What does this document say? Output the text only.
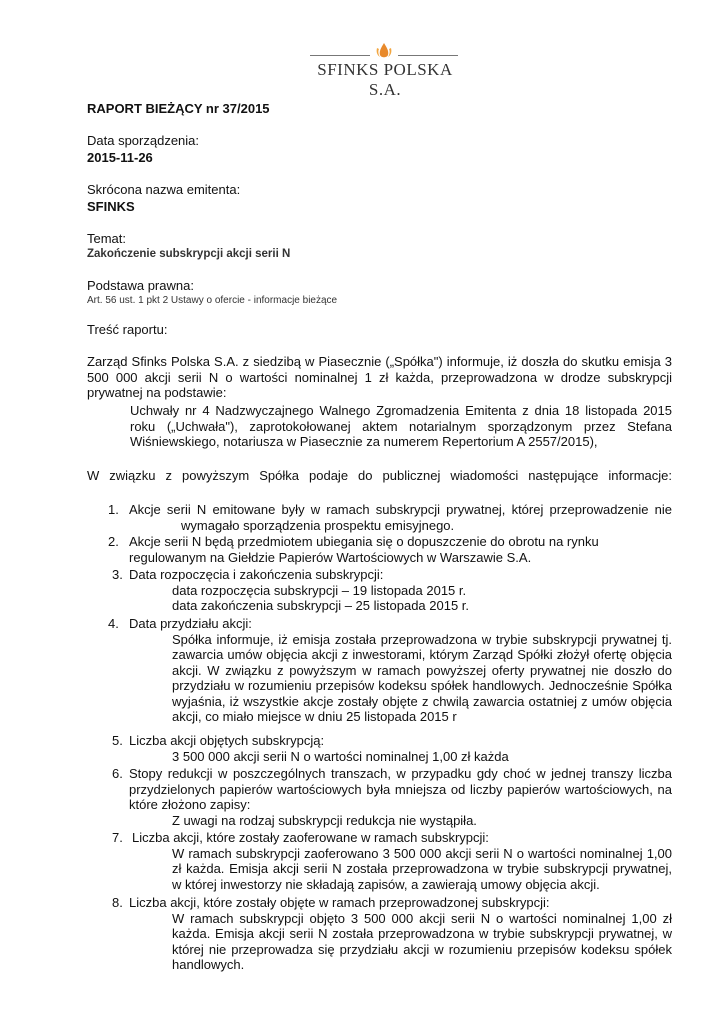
SFINKS POLSKA S.A.
RAPORT BIEŻĄCY nr 37/2015
Data sporządzenia:
2015-11-26
Skrócona nazwa emitenta:
SFINKS
Temat:
Zakończenie subskrypcji akcji serii N
Podstawa prawna:
Art. 56 ust. 1 pkt 2 Ustawy o ofercie - informacje bieżące
Treść raportu:
Zarząd Sfinks Polska S.A. z siedzibą w Piasecznie („Spółka") informuje, iż doszła do skutku emisja 3 500 000 akcji serii N o wartości nominalnej 1 zł każda, przeprowadzona w drodze subskrypcji prywatnej na podstawie:
Uchwały nr 4 Nadzwyczajnego Walnego Zgromadzenia Emitenta z dnia 18 listopada 2015 roku („Uchwała"), zaprotokołowanej aktem notarialnym sporządzonym przez Stefana Wiśniewskiego, notariusza w Piasecznie za numerem Repertorium A 2557/2015),
W związku z powyższym Spółka podaje do publicznej wiadomości następujące informacje:
1. Akcje serii N emitowane były w ramach subskrypcji prywatnej, której przeprowadzenie nie
wymagało sporządzenia prospektu emisyjnego.
2. Akcje serii N będą przedmiotem ubiegania się o dopuszczenie do obrotu na rynku regulowanym na Giełdzie Papierów Wartościowych w Warszawie S.A.
3. Data rozpoczęcia i zakończenia subskrypcji:
data rozpoczęcia subskrypcji – 19 listopada 2015 r.
data zakończenia subskrypcji – 25 listopada 2015 r.
4. Data przydziału akcji:
Spółka informuje, iż emisja została przeprowadzona w trybie subskrypcji prywatnej tj. zawarcia umów objęcia akcji z inwestorami, którym Zarząd Spółki złożył ofertę objęcia akcji. W związku z powyższym w ramach powyższej oferty prywatnej nie doszło do przydziału w rozumieniu przepisów kodeksu spółek handlowych. Jednocześnie Spółka wyjaśnia, iż wszystkie akcje zostały objęte z chwilą zawarcia ostatniej z umów objęcia akcji, co miało miejsce w dniu 25 listopada 2015 r
5. Liczba akcji objętych subskrypcją:
3 500 000 akcji serii N o wartości nominalnej 1,00 zł każda
6. Stopy redukcji w poszczególnych transzach, w przypadku gdy choć w jednej transzy liczba przydzielonych papierów wartościowych była mniejsza od liczby papierów wartościowych, na które złożono zapisy:
Z uwagi na rodzaj subskrypcji redukcja nie wystąpiła.
7. Liczba akcji, które zostały zaoferowane w ramach subskrypcji:
W ramach subskrypcji zaoferowano 3 500 000 akcji serii N o wartości nominalnej 1,00 zł każda. Emisja akcji serii N została przeprowadzona w trybie subskrypcji prywatnej, w której inwestorzy nie składają zapisów, a zawierają umowy objęcia akcji.
8. Liczba akcji, które zostały objęte w ramach przeprowadzonej subskrypcji:
W ramach subskrypcji objęto 3 500 000 akcji serii N o wartości nominalnej 1,00 zł każda. Emisja akcji serii N została przeprowadzona w trybie subskrypcji prywatnej, w której nie przeprowadza się przydziału akcji w rozumieniu przepisów kodeksu spółek handlowych.
